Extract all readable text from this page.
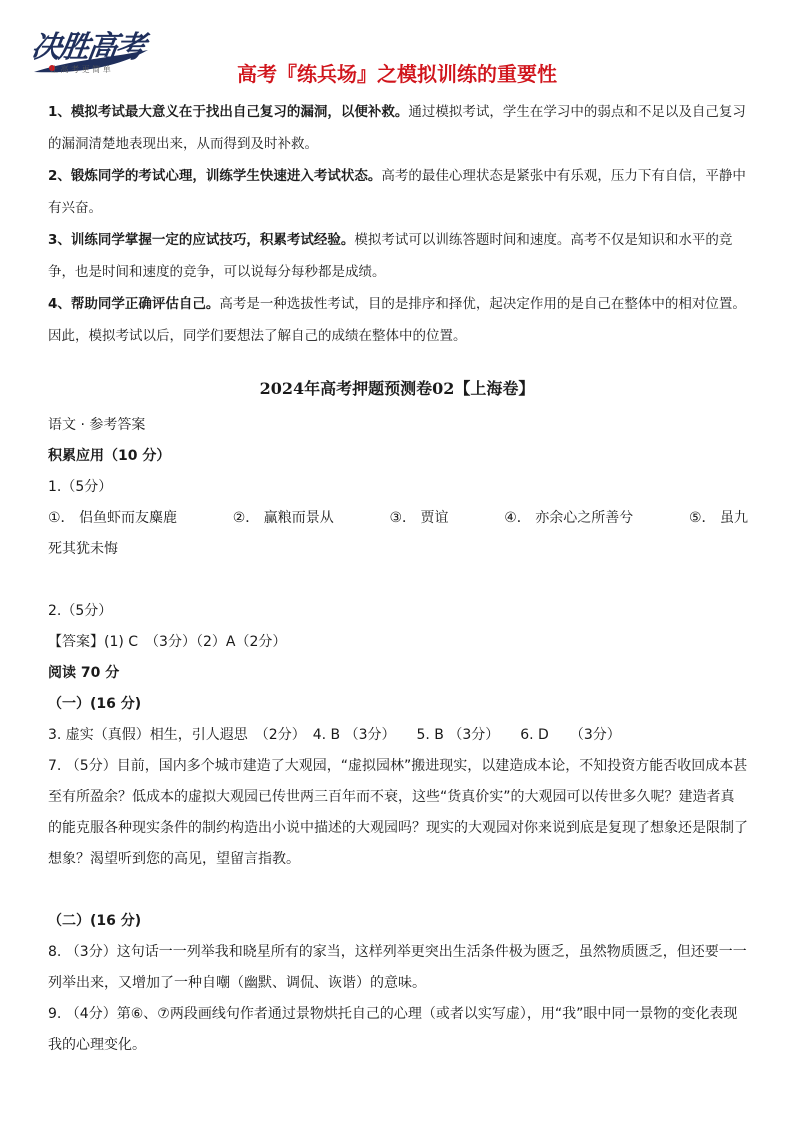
决胜高考
让 高 考 更 简 单	高考『练兵场』之模拟训练的重要性

1、模拟考试最大意义在于找出自己复习的漏洞，以便补救。通过模拟考试，学生在学习中的弱点和不足以及自己复习的漏洞清楚地表现出来，从而得到及时补救。

2、锻炼同学的考试心理，训练学生快速进入考试状态。高考的最佳心理状态是紧张中有乐观，压力下有自信，平静中有兴奋。

3、训练同学掌握一定的应试技巧，积累考试经验。模拟考试可以训练答题时间和速度。高考不仅是知识和水平的竞争，也是时间和速度的竞争，可以说每分每秒都是成绩。

4、帮助同学正确评估自己。高考是一种选拔性考试，目的是排序和择优，起决定作用的是自己在整体中的相对位置。因此，模拟考试以后，同学们要想法了解自己的成绩在整体中的位置。

2024年高考押题预测卷02【上海卷】

语文 · 参考答案

积累应用（10 分）

1.（5分）

①． 侣鱼虾而友麋鹿	②． 赢粮而景从	③． 贾谊	④． 亦余心之所善兮	⑤． 虽九

死其犹未悔

2.（5分）

【答案】(1) C　（3分）（2）A（2分）

阅读 70 分

（一）(16 分)

3. 虚实（真假）相生，引人遐思　（2分）　4. B （3分）　　5. B （3分）　　6. D　　（3分）

7. （5分）目前，国内多个城市建造了大观园，“虚拟园林”搬进现实，以建造成本论，不知投资方能否收回成本甚至有所盈余？低成本的虚拟大观园已传世两三百年而不衰，这些“货真价实”的大观园可以传世多久呢？建造者真的能克服各种现实条件的制约构造出小说中描述的大观园吗？现实的大观园对你来说到底是复现了想象还是限制了想象？渴望听到您的高见，望留言指教。

（二）(16 分)

8. （3分）这句话一一列举我和晓星所有的家当，这样列举更突出生活条件极为匮乏，虽然物质匮乏，但还要一一列举出来，又增加了一种自嘲（幽默、调侃、诙谐）的意味。

9. （4分）第⑥、⑦两段画线句作者通过景物烘托自己的心理（或者以实写虚），用“我”眼中同一景物的变化表现我的心理变化。
